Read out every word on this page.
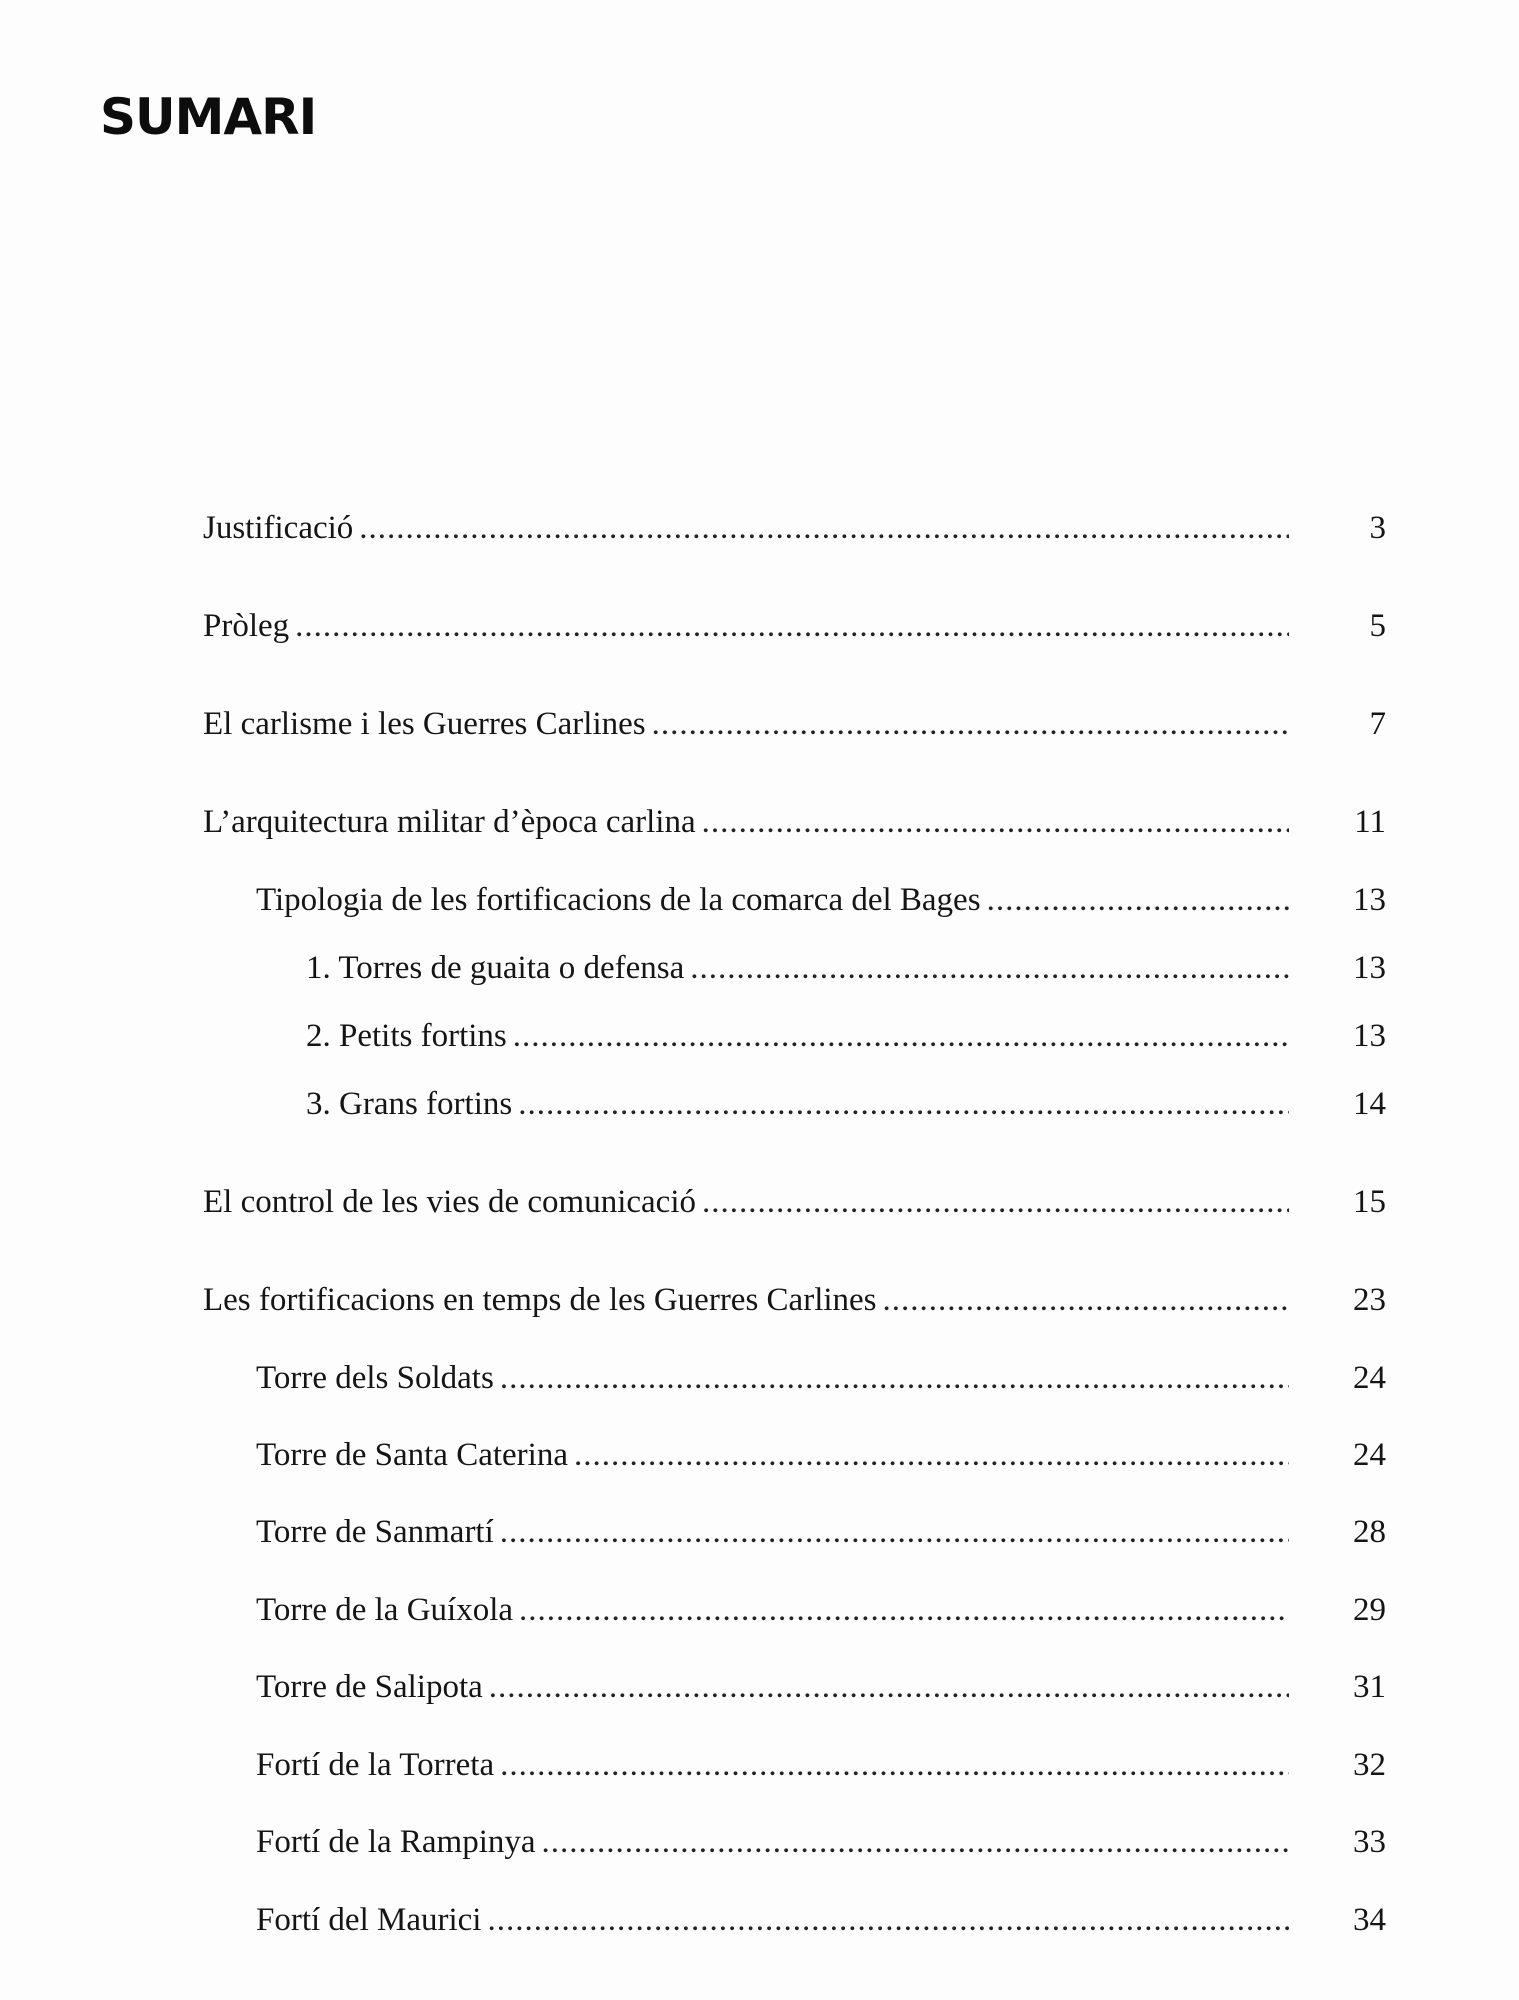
SUMARI
Justificació .....	3
Pròleg .....	5
El carlisme i les Guerres Carlines .....	7
L’arquitectura militar d’època carlina .....	11
Tipologia de les fortificacions de la comarca del Bages .....	13
1. Torres de guaita o defensa .....	13
2. Petits fortins .....	13
3. Grans fortins .....	14
El control de les vies de comunicació .....	15
Les fortificacions en temps de les Guerres Carlines .....	23
Torre dels Soldats .....	24
Torre de Santa Caterina .....	24
Torre de Sanmartí .....	28
Torre de la Guíxola .....	29
Torre de Salipota .....	31
Fortí de la Torreta .....	32
Fortí de la Rampinya .....	33
Fortí del Maurici .....	34
